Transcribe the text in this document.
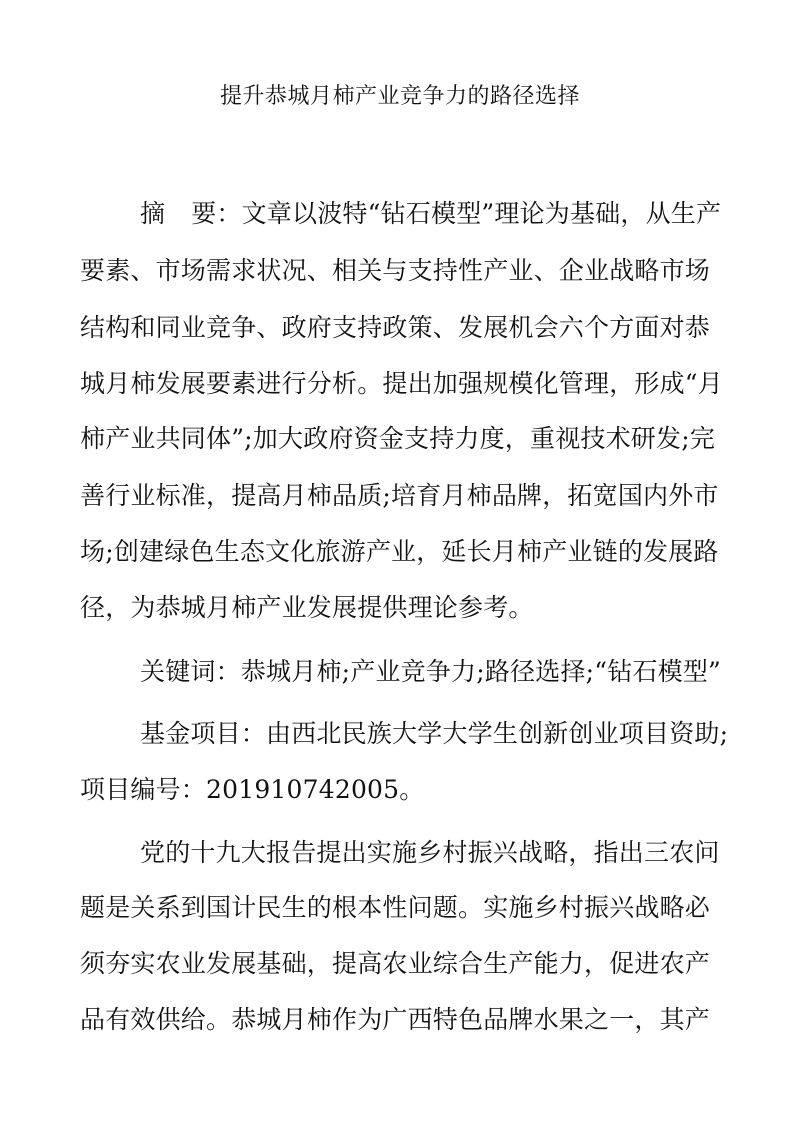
提升恭城月柿产业竞争力的路径选择
摘 要：文章以波特“钻石模型”理论为基础，从生产
要素、市场需求状况、相关与支持性产业、企业战略市场
结构和同业竞争、政府支持政策、发展机会六个方面对恭
城月柿发展要素进行分析。提出加强规模化管理，形成“月
柿产业共同体”;加大政府资金支持力度，重视技术研发;完
善行业标准，提高月柿品质;培育月柿品牌，拓宽国内外市
场;创建绿色生态文化旅游产业，延长月柿产业链的发展路
径，为恭城月柿产业发展提供理论参考。
关键词：恭城月柿;产业竞争力;路径选择;“钻石模型”
基金项目：由西北民族大学大学生创新创业项目资助;
项目编号：201910742005。
党的十九大报告提出实施乡村振兴战略，指出三农问
题是关系到国计民生的根本性问题。实施乡村振兴战略必
须夯实农业发展基础，提高农业综合生产能力，促进农产
品有效供给。恭城月柿作为广西特色品牌水果之一，其产
